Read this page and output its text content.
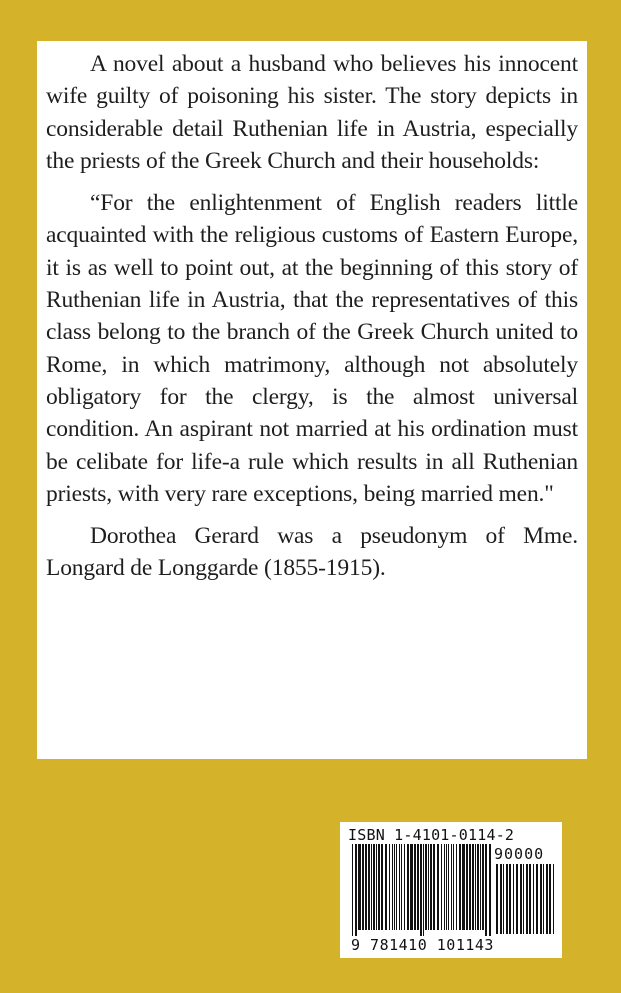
A novel about a husband who believes his innocent wife guilty of poisoning his sister. The story depicts in considerable detail Ruthenian life in Austria, especially the priests of the Greek Church and their households:

“For the enlightenment of English readers little acquainted with the religious customs of Eastern Europe, it is as well to point out, at the beginning of this story of Ruthenian life in Austria, that the representatives of this class belong to the branch of the Greek Church united to Rome, in which matrimony, although not absolutely obligatory for the clergy, is the almost universal condition. An aspirant not married at his ordination must be celibate for life-a rule which results in all Ruthenian priests, with very rare exceptions, being married men."

Dorothea Gerard was a pseudonym of Mme. Longard de Longgarde (1855-1915).

ISBN 1-4101-0114-2
90000
9 781410 101143
